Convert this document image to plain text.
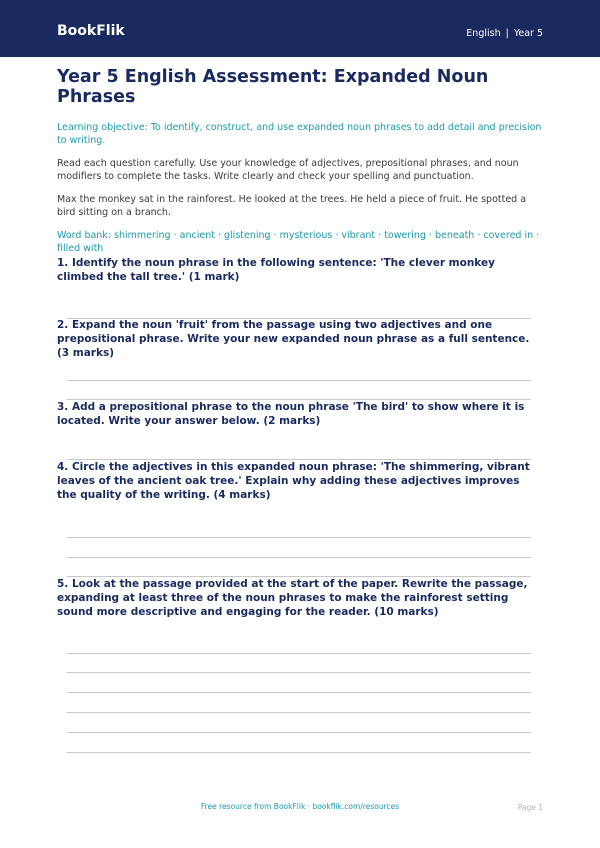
BookFlik	English | Year 5
Year 5 English Assessment: Expanded Noun Phrases

Learning objective: To identify, construct, and use expanded noun phrases to add detail and precision to writing.

Read each question carefully. Use your knowledge of adjectives, prepositional phrases, and noun modifiers to complete the tasks. Write clearly and check your spelling and punctuation.

Max the monkey sat in the rainforest. He looked at the trees. He held a piece of fruit. He spotted a bird sitting on a branch.

Word bank: shimmering · ancient · glistening · mysterious · vibrant · towering · beneath · covered in · filled with

1. Identify the noun phrase in the following sentence: 'The clever monkey climbed the tall tree.' (1 mark)

2. Expand the noun 'fruit' from the passage using two adjectives and one prepositional phrase. Write your new expanded noun phrase as a full sentence. (3 marks)

3. Add a prepositional phrase to the noun phrase 'The bird' to show where it is located. Write your answer below. (2 marks)

4. Circle the adjectives in this expanded noun phrase: 'The shimmering, vibrant leaves of the ancient oak tree.' Explain why adding these adjectives improves the quality of the writing. (4 marks)

5. Look at the passage provided at the start of the paper. Rewrite the passage, expanding at least three of the noun phrases to make the rainforest setting sound more descriptive and engaging for the reader. (10 marks)

Free resource from BookFlik · bookflik.com/resources	Page 1
